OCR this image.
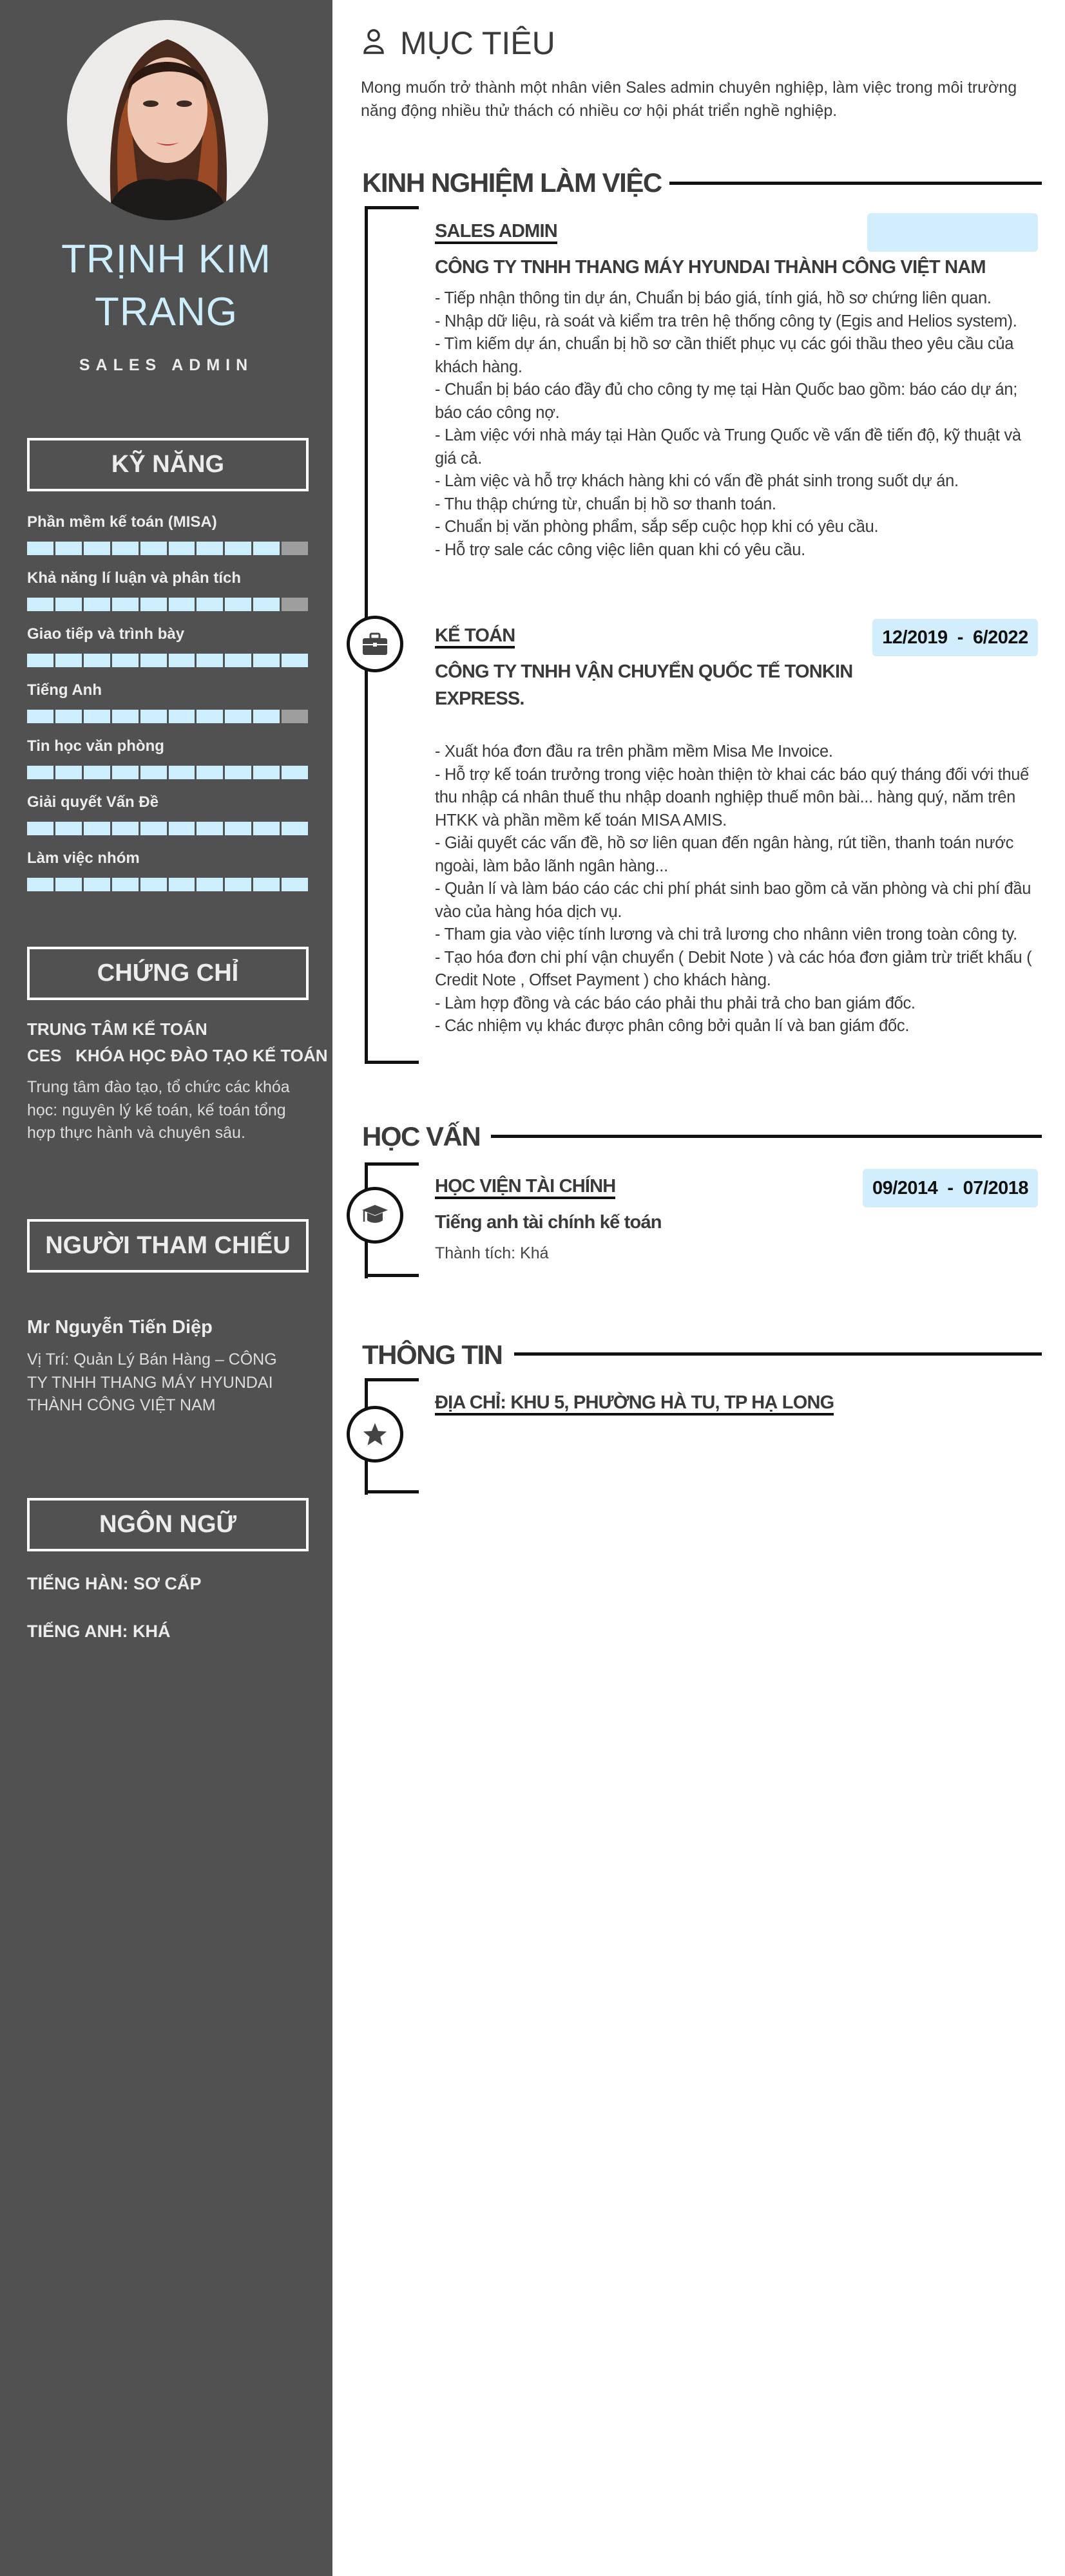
TRỊNH KIM
TRANG
SALES ADMIN
KỸ NĂNG
Phần mềm kế toán (MISA)
Khả năng lí luận và phân tích
Giao tiếp và trình bày
Tiếng Anh
Tin học văn phòng
Giải quyết Vấn Đề
Làm việc nhóm
CHỨNG CHỈ
TRUNG TÂM KẾ TOÁN
CES   KHÓA HỌC ĐÀO TẠO KẾ TOÁN
Trung tâm đào tạo, tổ chức các khóa học: nguyên lý kế toán, kế toán tổng hợp thực hành và chuyên sâu.
NGƯỜI THAM CHIẾU
Mr Nguyễn Tiến Diệp
Vị Trí: Quản Lý Bán Hàng – CÔNG TY TNHH THANG MÁY HYUNDAI THÀNH CÔNG VIỆT NAM
NGÔN NGỮ
TIẾNG HÀN: SƠ CẤP
TIẾNG ANH: KHÁ
MỤC TIÊU
Mong muốn trở thành một nhân viên Sales admin chuyên nghiệp, làm việc trong môi trường năng động nhiều thử thách có nhiều cơ hội phát triển nghề nghiệp.
KINH NGHIỆM LÀM VIỆC
SALES ADMIN
CÔNG TY TNHH THANG MÁY HYUNDAI THÀNH CÔNG VIỆT NAM
- Tiếp nhận thông tin dự án, Chuẩn bị báo giá, tính giá, hồ sơ chứng liên quan.
- Nhập dữ liệu, rà soát và kiểm tra trên hệ thống công ty (Egis and Helios system).
- Tìm kiếm dự án, chuẩn bị hồ sơ cần thiết phục vụ các gói thầu theo yêu cầu của khách hàng.
- Chuẩn bị báo cáo đầy đủ cho công ty mẹ tại Hàn Quốc bao gồm: báo cáo dự án; báo cáo công nợ.
- Làm việc với nhà máy tại Hàn Quốc và Trung Quốc về vấn đề tiến độ, kỹ thuật và giá cả.
- Làm việc và hỗ trợ khách hàng khi có vấn đề phát sinh trong suốt dự án.
- Thu thập chứng từ, chuẩn bị hồ sơ thanh toán.
- Chuẩn bị văn phòng phẩm, sắp sếp cuộc họp khi có yêu cầu.
- Hỗ trợ sale các công việc liên quan khi có yêu cầu.
KẾ TOÁN	12/2019  -  6/2022
CÔNG TY TNHH VẬN CHUYỂN QUỐC TẾ TONKIN EXPRESS.
- Xuất hóa đơn đầu ra trên phầm mềm Misa Me Invoice.
- Hỗ trợ kế toán trưởng trong việc hoàn thiện tờ khai các báo quý tháng đối với thuế thu nhập cá nhân thuế thu nhập doanh nghiệp thuế môn bài... hàng quý, năm trên HTKK và phần mềm kế toán MISA AMIS.
- Giải quyết các vấn đề, hồ sơ liên quan đến ngân hàng, rút tiền, thanh toán nước ngoài, làm bảo lãnh ngân hàng...
- Quản lí và làm báo cáo các chi phí phát sinh bao gồm cả văn phòng và chi phí đầu vào của hàng hóa dịch vụ.
- Tham gia vào việc tính lương và chi trả lương cho nhânn viên trong toàn công ty.
- Tạo hóa đơn chi phí vận chuyển ( Debit Note ) và các hóa đơn giảm trừ triết khấu ( Credit Note , Offset Payment ) cho khách hàng.
- Làm hợp đồng và các báo cáo phải thu phải trả cho ban giám đốc.
- Các nhiệm vụ khác được phân công bởi quản lí và ban giám đốc.
HỌC VẤN
HỌC VIỆN TÀI CHÍNH	09/2014  -  07/2018
Tiếng anh tài chính kế toán
Thành tích: Khá
THÔNG TIN
ĐỊA CHỈ: KHU 5, PHƯỜNG HÀ TU, TP HẠ LONG
